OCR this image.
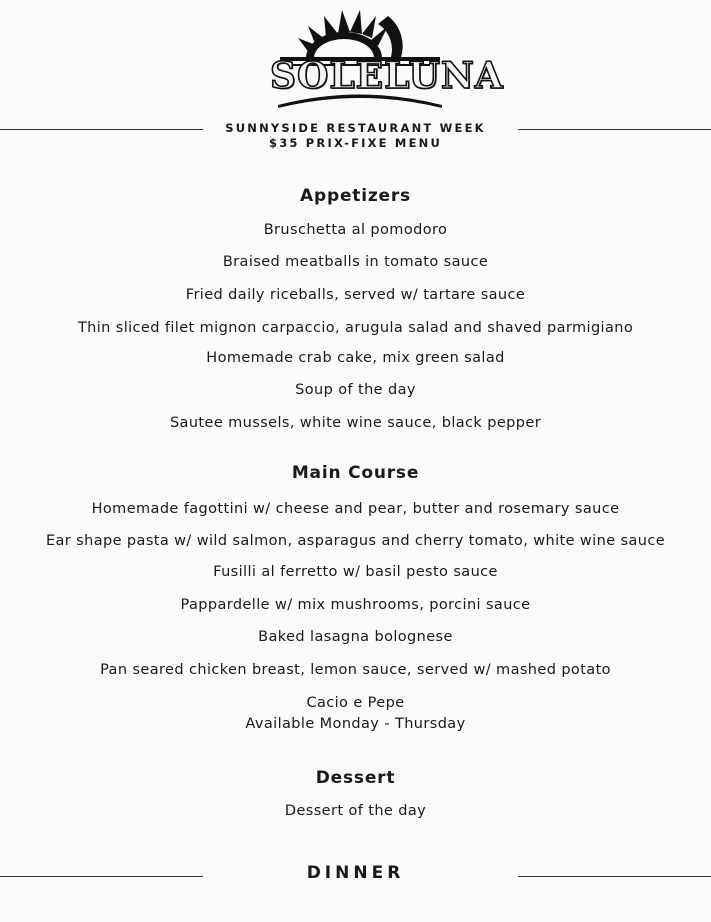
SOLELUNA
SUNNYSIDE RESTAURANT WEEK
$35 PRIX-FIXE MENU
Appetizers
Bruschetta al pomodoro
Braised meatballs in tomato sauce
Fried daily riceballs, served w/ tartare sauce
Thin sliced filet mignon carpaccio, arugula salad and shaved parmigiano
Homemade crab cake, mix green salad
Soup of the day
Sautee mussels, white wine sauce, black pepper
Main Course
Homemade fagottini w/ cheese and pear, butter and rosemary sauce
Ear shape pasta w/ wild salmon, asparagus and cherry tomato, white wine sauce
Fusilli al ferretto w/ basil pesto sauce
Pappardelle w/ mix mushrooms, porcini sauce
Baked lasagna bolognese
Pan seared chicken breast, lemon sauce, served w/ mashed potato
Cacio e Pepe
Available Monday - Thursday
Dessert
Dessert of the day
DINNER
